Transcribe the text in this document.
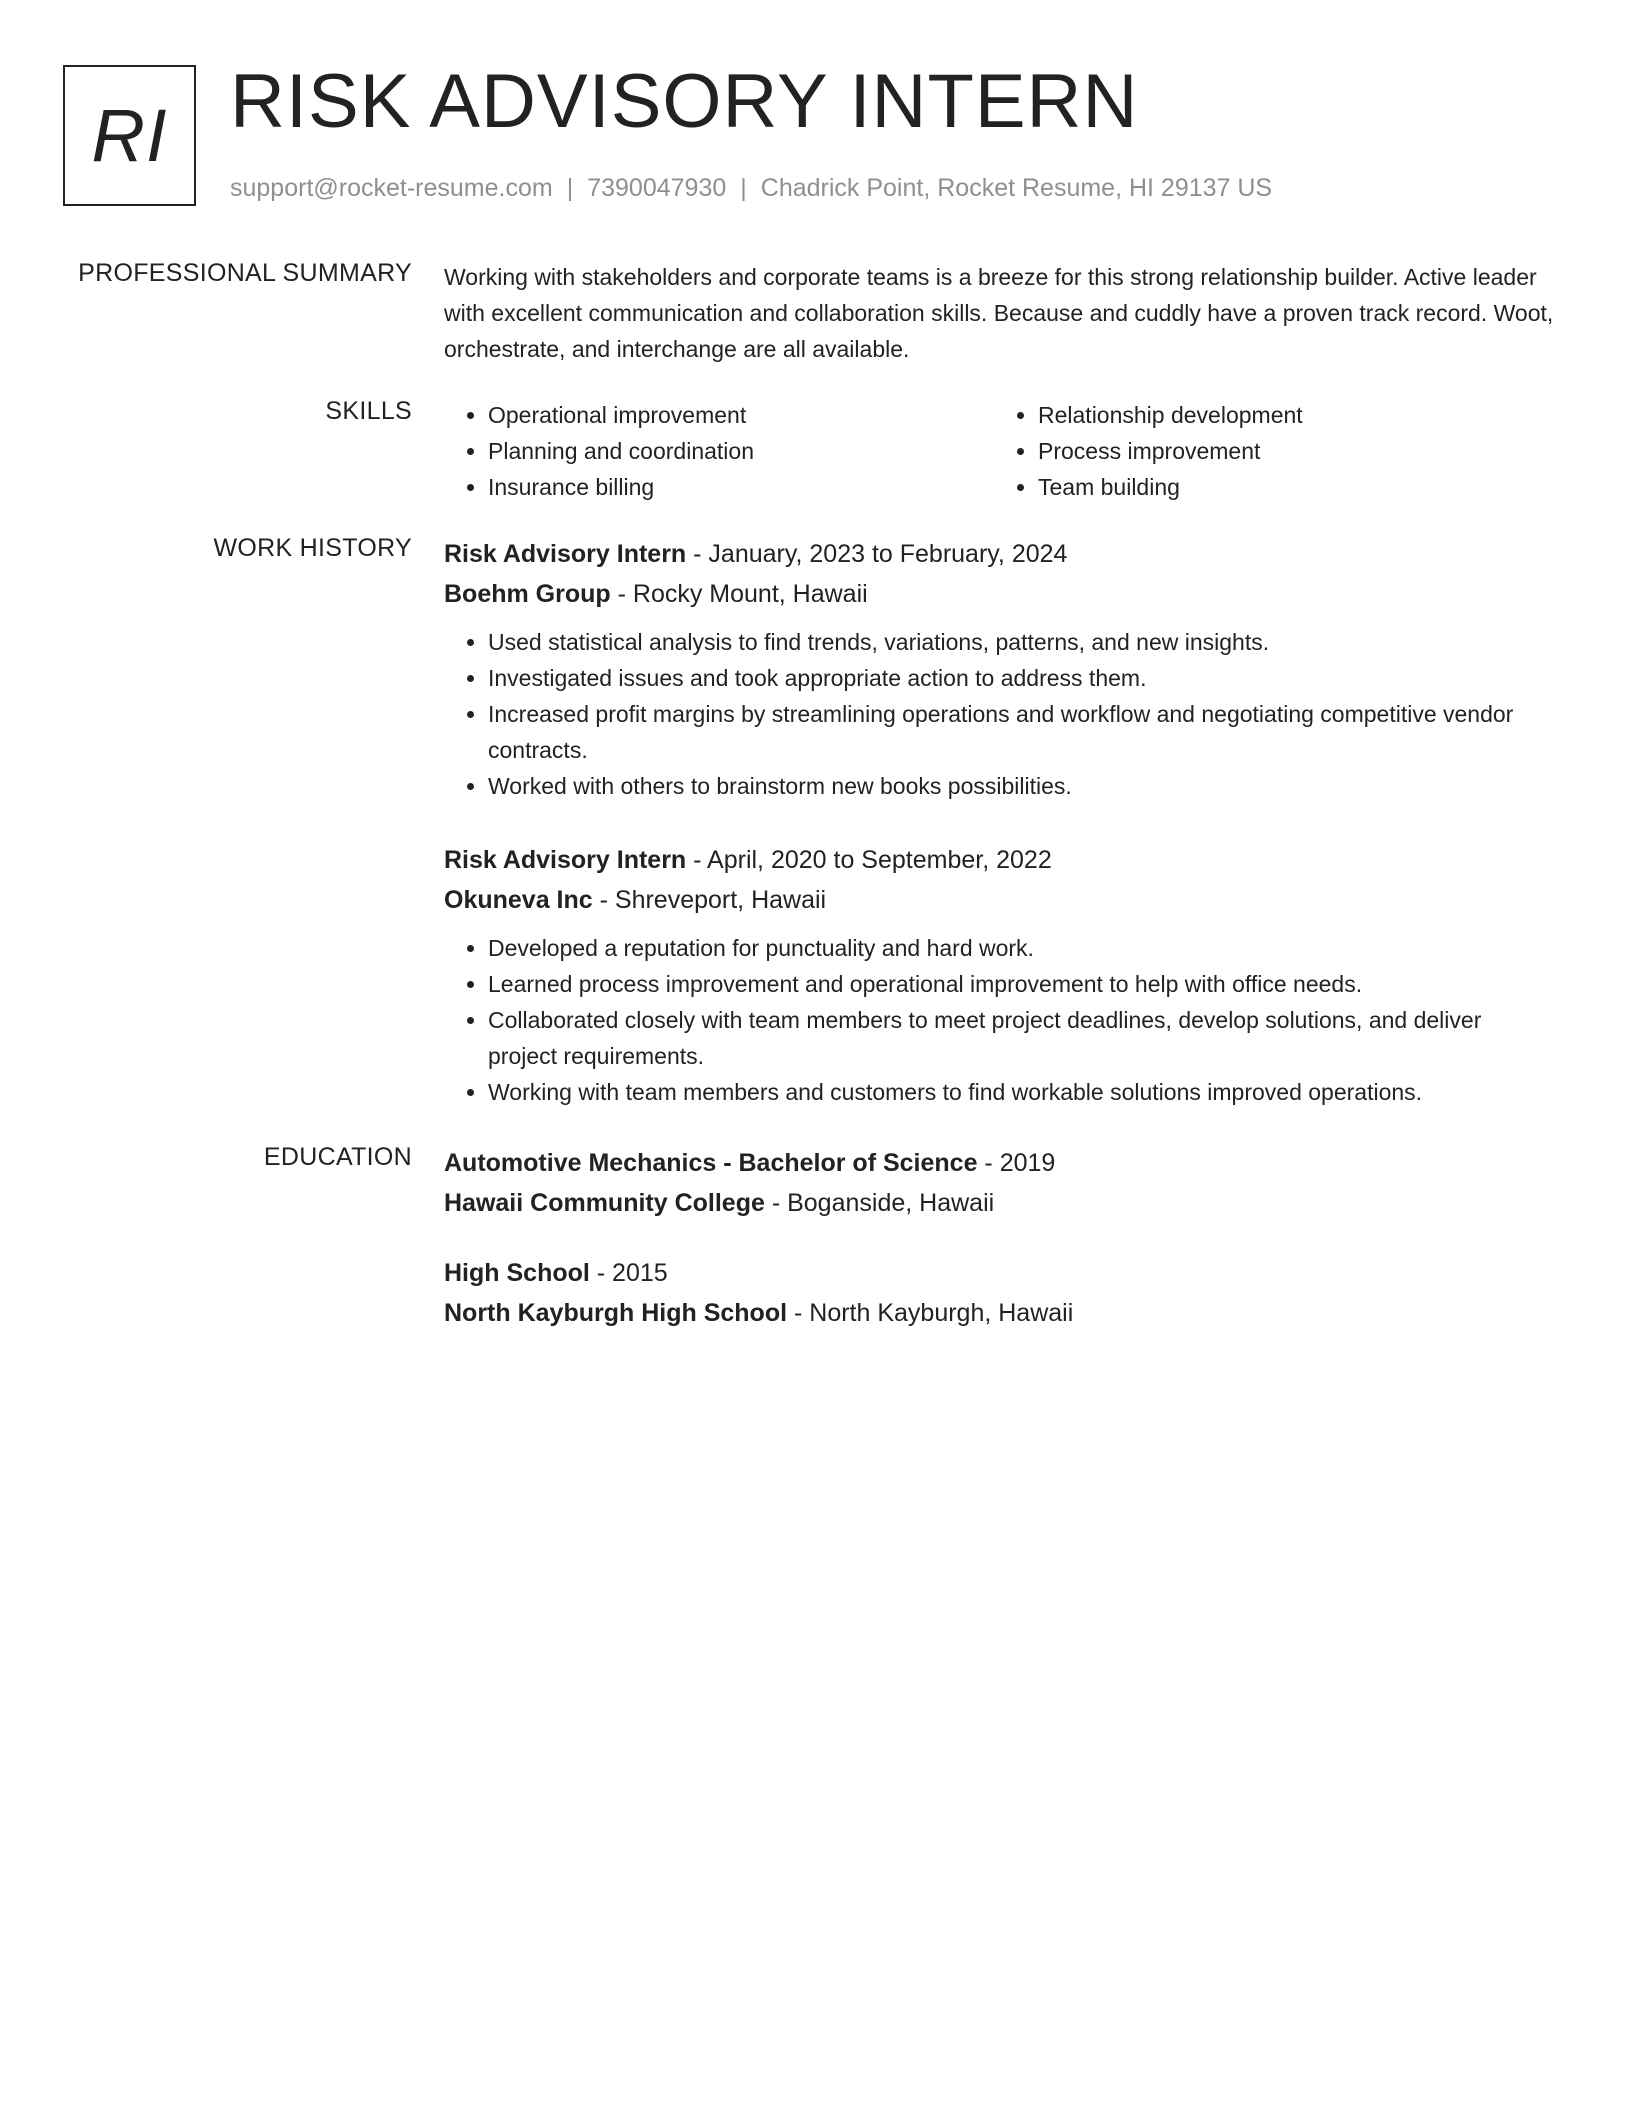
RI RISK ADVISORY INTERN
support@rocket-resume.com | 7390047930 | Chadrick Point, Rocket Resume, HI 29137 US
PROFESSIONAL SUMMARY Working with stakeholders and corporate teams is a breeze for this strong relationship builder. Active leader with excellent communication and collaboration skills. Because and cuddly have a proven track record. Woot, orchestrate, and interchange are all available.

SKILLS
•	Operational improvement
• Planning and coordination
• Insurance billing
• Relationship development
• Process improvement
• Team building
WORK HISTORY Risk Advisory Intern - January, 2023 to February, 2024
Boehm Group - Rocky Mount, Hawaii
• Used statistical analysis to find trends, variations, patterns, and new insights.
• Investigated issues and took appropriate action to address them.
• Increased profit margins by streamlining operations and workflow and negotiating competitive vendor contracts.
• Worked with others to brainstorm new books possibilities.
Risk Advisory Intern - April, 2020 to September, 2022
Okuneva Inc - Shreveport, Hawaii
• Developed a reputation for punctuality and hard work.
• Learned process improvement and operational improvement to help with office needs.
• Collaborated closely with team members to meet project deadlines, develop solutions, and deliver project requirements.
• Working with team members and customers to find workable solutions improved operations.
EDUCATION Automotive Mechanics - Bachelor of Science - 2019
Hawaii Community College - Boganside, Hawaii
High School - 2015
North Kayburgh High School - North Kayburgh, Hawaii
